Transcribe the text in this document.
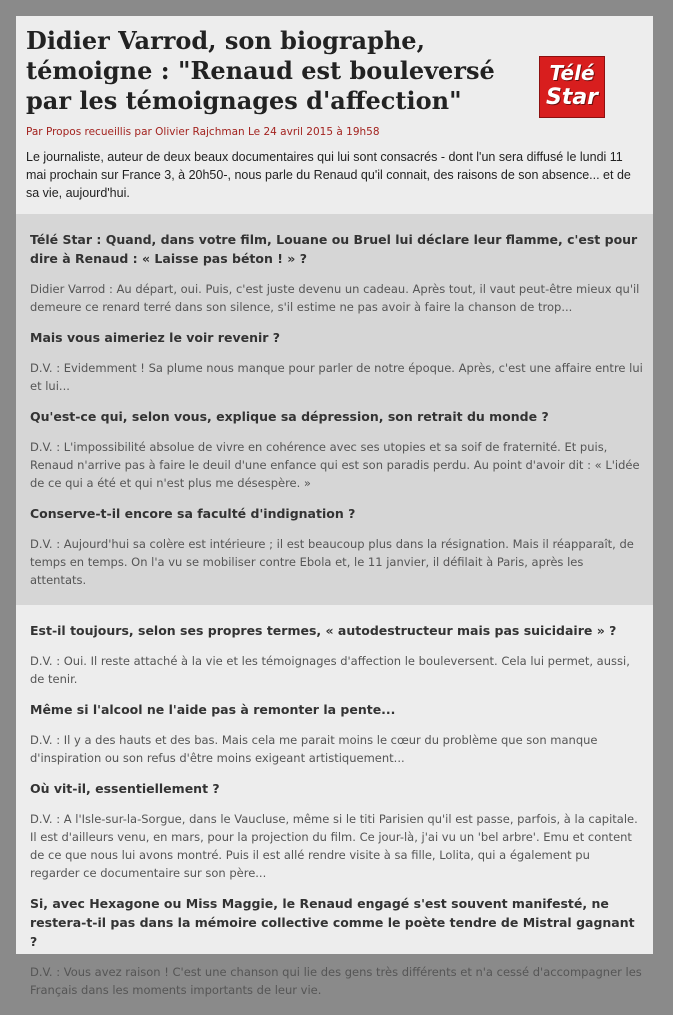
Didier Varrod, son biographe, témoigne : "Renaud est bouleversé par les témoignages d'affection"
Télé
Star
Par Propos recueillis par Olivier Rajchman Le 24 avril 2015 à 19h58
Le journaliste, auteur de deux beaux documentaires qui lui sont consacrés - dont l'un sera diffusé le lundi 11 mai prochain sur France 3, à 20h50-, nous parle du Renaud qu'il connait, des raisons de son absence... et de sa vie, aujourd'hui.

Télé Star : Quand, dans votre film, Louane ou Bruel lui déclare leur flamme, c'est pour dire à Renaud : « Laisse pas béton ! » ?

Didier Varrod : Au départ, oui. Puis, c'est juste devenu un cadeau. Après tout, il vaut peut-être mieux qu'il demeure ce renard terré dans son silence, s'il estime ne pas avoir à faire la chanson de trop...

Mais vous aimeriez le voir revenir ?

D.V. : Evidemment ! Sa plume nous manque pour parler de notre époque. Après, c'est une affaire entre lui et lui...

Qu'est-ce qui, selon vous, explique sa dépression, son retrait du monde ?

D.V. : L'impossibilité absolue de vivre en cohérence avec ses utopies et sa soif de fraternité. Et puis, Renaud n'arrive pas à faire le deuil d'une enfance qui est son paradis perdu. Au point d'avoir dit : « L'idée de ce qui a été et qui n'est plus me désespère. »

Conserve-t-il encore sa faculté d'indignation ?

D.V. : Aujourd'hui sa colère est intérieure ; il est beaucoup plus dans la résignation. Mais il réapparaît, de temps en temps. On l'a vu se mobiliser contre Ebola et, le 11 janvier, il défilait à Paris, après les attentats.

Est-il toujours, selon ses propres termes, « autodestructeur mais pas suicidaire » ?

D.V. : Oui. Il reste attaché à la vie et les témoignages d'affection le bouleversent. Cela lui permet, aussi, de tenir.

Même si l'alcool ne l'aide pas à remonter la pente...

D.V. : Il y a des hauts et des bas. Mais cela me parait moins le cœur du problème que son manque d'inspiration ou son refus d'être moins exigeant artistiquement...

Où vit-il, essentiellement ?

D.V. : A l'Isle-sur-la-Sorgue, dans le Vaucluse, même si le titi Parisien qu'il est passe, parfois, à la capitale. Il est d'ailleurs venu, en mars, pour la projection du film. Ce jour-là, j'ai vu un 'bel arbre'. Emu et content de ce que nous lui avons montré. Puis il est allé rendre visite à sa fille, Lolita, qui a également pu regarder ce documentaire sur son père...

Si, avec Hexagone ou Miss Maggie, le Renaud engagé s'est souvent manifesté, ne restera-t-il pas dans la mémoire collective comme le poète tendre de Mistral gagnant ?

D.V. : Vous avez raison ! C'est une chanson qui lie des gens très différents et n'a cessé d'accompagner les Français dans les moments importants de leur vie.
